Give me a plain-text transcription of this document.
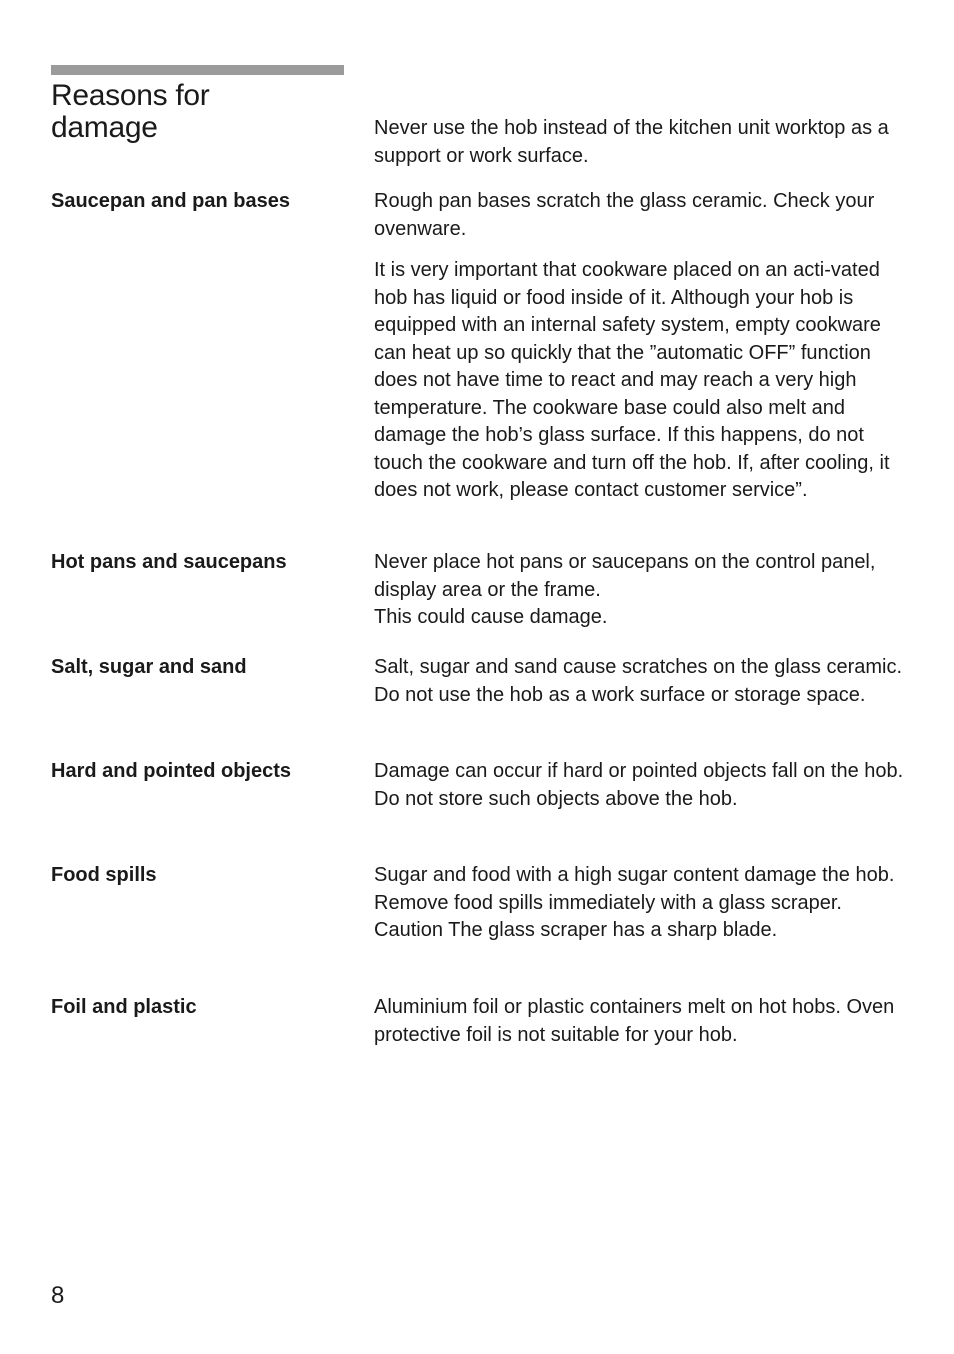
Reasons for
damage	Never use the hob instead of the kitchen unit worktop as a support or work surface.

Saucepan and pan bases	Rough pan bases scratch the glass ceramic. Check your ovenware.

It is very important that cookware placed on an acti-vated hob has liquid or food inside of it. Although your hob is equipped with an internal safety system, empty cookware can heat up so quickly that the ”automatic OFF” function does not have time to react and may reach a very high temperature. The cookware base could also melt and damage the hob’s glass surface. If this happens, do not touch the cookware and turn off the hob. If, after cooling, it does not work, please contact customer service”.

Hot pans and saucepans	Never place hot pans or saucepans on the control panel, display area or the frame.

This could cause damage.

Salt, sugar and sand	Salt, sugar and sand cause scratches on the glass ceramic. Do not use the hob as a work surface or storage space.

Hard and pointed objects	Damage can occur if hard or pointed objects fall on the hob.

Do not store such objects above the hob.

Food spills	Sugar and food with a high sugar content damage the hob. Remove food spills immediately with a glass scraper.

Caution The glass scraper has a sharp blade.

Foil and plastic	Aluminium foil or plastic containers melt on hot hobs. Oven protective foil is not suitable for your hob.

8
